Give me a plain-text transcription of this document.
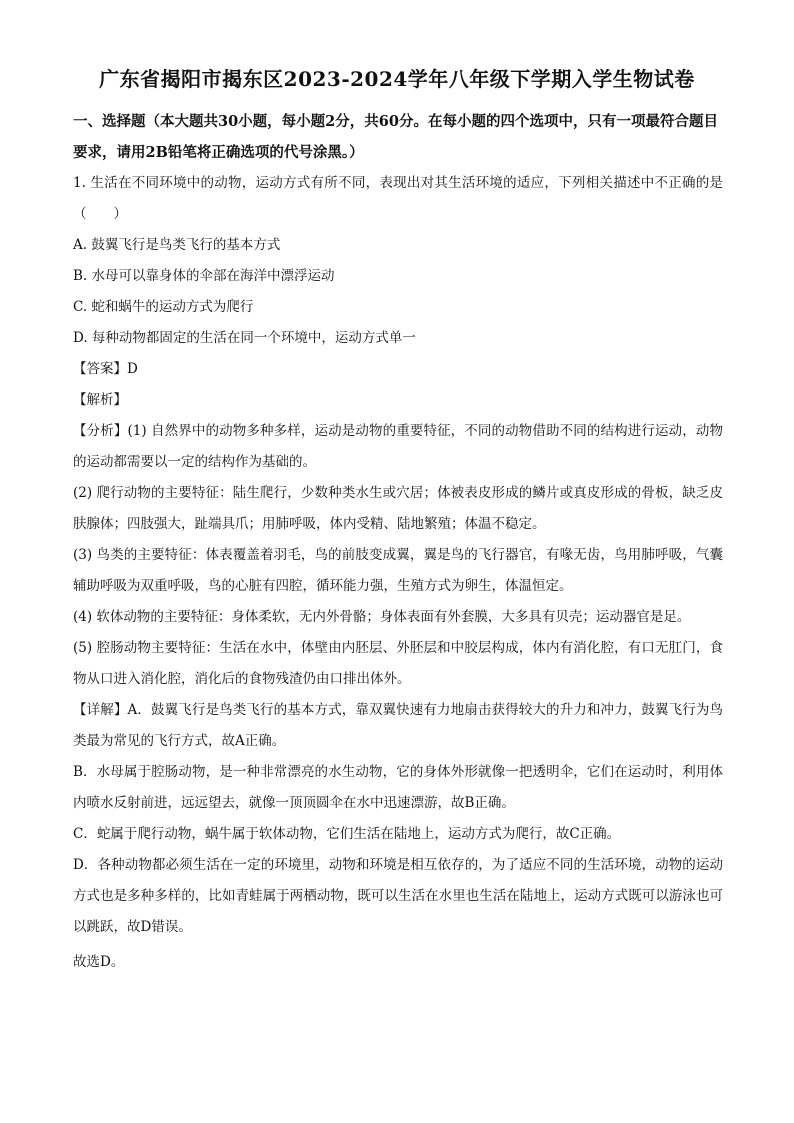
广东省揭阳市揭东区2023-2024学年八年级下学期入学生物试卷
一、选择题（本大题共30小题，每小题2分，共60分。在每小题的四个选项中，只有一项最符合题目要求，请用2B铅笔将正确选项的代号涂黑。）

1. 生活在不同环境中的动物，运动方式有所不同，表现出对其生活环境的适应，下列相关描述中不正确的是（　　）

A. 鼓翼飞行是鸟类飞行的基本方式

B. 水母可以靠身体的伞部在海洋中漂浮运动

C. 蛇和蜗牛的运动方式为爬行

D. 每种动物都固定的生活在同一个环境中，运动方式单一

【答案】D

【解析】

【分析】(1) 自然界中的动物多种多样，运动是动物的重要特征，不同的动物借助不同的结构进行运动，动物的运动都需要以一定的结构作为基础的。

(2) 爬行动物的主要特征：陆生爬行，少数种类水生或穴居；体被表皮形成的鳞片或真皮形成的骨板，缺乏皮肤腺体；四肢强大，趾端具爪；用肺呼吸，体内受精、陆地繁殖；体温不稳定。

(3) 鸟类的主要特征：体表覆盖着羽毛，鸟的前肢变成翼，翼是鸟的飞行器官，有喙无齿，鸟用肺呼吸，气囊辅助呼吸为双重呼吸，鸟的心脏有四腔，循环能力强，生殖方式为卵生，体温恒定。

(4) 软体动物的主要特征：身体柔软，无内外骨骼；身体表面有外套膜，大多具有贝壳；运动器官是足。

(5) 腔肠动物主要特征：生活在水中，体壁由内胚层、外胚层和中胶层构成，体内有消化腔，有口无肛门，食物从口进入消化腔，消化后的食物残渣仍由口排出体外。

【详解】A．鼓翼飞行是鸟类飞行的基本方式，靠双翼快速有力地扇击获得较大的升力和冲力，鼓翼飞行为鸟类最为常见的飞行方式，故A正确。

B．水母属于腔肠动物，是一种非常漂亮的水生动物，它的身体外形就像一把透明伞，它们在运动时，利用体内喷水反射前进，远远望去，就像一顶顶圆伞在水中迅速漂游，故B正确。

C．蛇属于爬行动物，蜗牛属于软体动物，它们生活在陆地上，运动方式为爬行，故C正确。

D．各种动物都必须生活在一定的环境里，动物和环境是相互依存的，为了适应不同的生活环境，动物的运动方式也是多种多样的，比如青蛙属于两栖动物，既可以生活在水里也生活在陆地上，运动方式既可以游泳也可以跳跃，故D错误。

故选D。
